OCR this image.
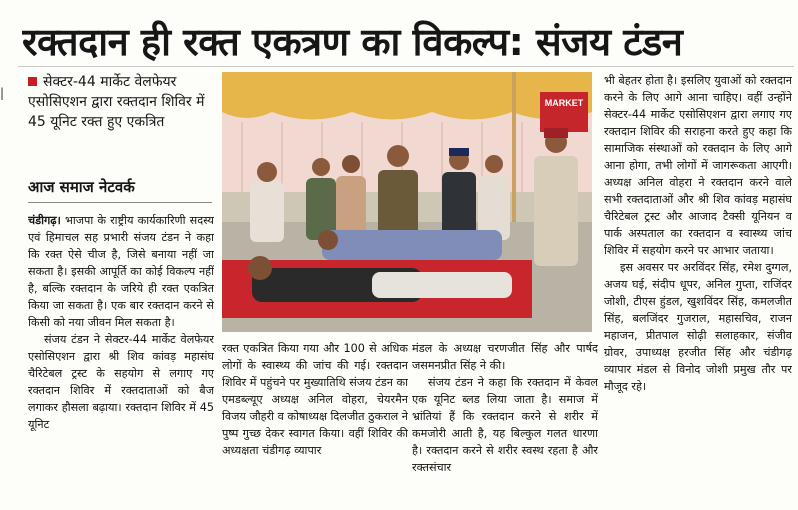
रक्तदान ही रक्त एकत्रण का विकल्प: संजय टंडन
|
सेक्टर-44 मार्केट वेलफेयर एसोसिएशन द्वारा रक्तदान शिविर में 45 यूनिट रक्त हुए एकत्रित
आज समाज नेटवर्क

चंडीगढ़। भाजपा के राष्ट्रीय कार्यकारिणी सदस्य एवं हिमाचल सह प्रभारी संजय टंडन ने कहा कि रक्त ऐसे चीज है, जिसे बनाया नहीं जा सकता है। इसकी आपूर्ति का कोई विकल्प नहीं है, बल्कि रक्तदान के जरिये ही रक्त एकत्रित किया जा सकता है। एक बार रक्तदान करने से किसी को नया जीवन मिल सकता है।

संजय टंडन ने सेक्टर-44 मार्केट वेलफेयर एसोसिएशन द्वारा श्री शिव कांवड़ महासंघ चैरिटेबल ट्रस्ट के सहयोग से लगाए गए रक्तदान शिविर में रक्तदाताओं को बैज लगाकर हौसला बढ़ाया। रक्तदान शिविर में 45 यूनिट

MARKET

रक्त एकत्रित किया गया और 100 से अधिक लोगों के स्वास्थ्य की जांच की गई। रक्तदान शिविर में पहुंचने पर मुख्यातिथि संजय टंडन का एमडब्ल्यूए अध्यक्ष अनिल वोहरा, चेयरमैन विजय जौहरी व कोषाध्यक्ष दिलजीत ठुकराल ने पुष्प गुच्छ देकर स्वागत किया। वहीं शिविर की अध्यक्षता चंडीगढ़ व्यापार

मंडल के अध्यक्ष चरणजीत सिंह और पार्षद जसमनप्रीत सिंह ने की।

संजय टंडन ने कहा कि रक्तदान में केवल एक यूनिट ब्लड लिया जाता है। समाज में भ्रांतियां हैं कि रक्तदान करने से शरीर में कमजोरी आती है, यह बिल्कुल गलत धारणा है। रक्तदान करने से शरीर स्वस्थ रहता है और रक्तसंचार

भी बेहतर होता है। इसलिए युवाओं को रक्तदान करने के लिए आगे आना चाहिए। वहीं उन्होंने सेक्टर-44 मार्केट एसोसिएशन द्वारा लगाए गए रक्तदान शिविर की सराहना करते हुए कहा कि सामाजिक संस्थाओं को रक्तदान के लिए आगे आना होगा, तभी लोगों में जागरूकता आएगी।अध्यक्ष अनिल वोहरा ने रक्तदान करने वाले सभी रक्तदाताओं और श्री शिव कांवड़ महासंघ चैरिटेबल ट्रस्ट और आजाद टैक्सी यूनियन व पार्क अस्पताल का रक्तदान व स्वास्थ्य जांच शिविर में सहयोग करने पर आभार जताया।

इस अवसर पर अरविंदर सिंह, रमेश दुग्गल, अजय घई, संदीप धूपर, अनिल गुप्ता, राजिंदर जोशी, टीएस हुंडल, खुशविंदर सिंह, कमलजीत सिंह, बलजिंदर गुजराल, महासचिव, राजन महाजन, प्रीतपाल सोढ़ी सलाहकार, संजीव ग्रोवर, उपाध्यक्ष हरजीत सिंह और चंडीगढ़ व्यापार मंडल से विनोद जोशी प्रमुख तौर पर मौजूद रहे।
